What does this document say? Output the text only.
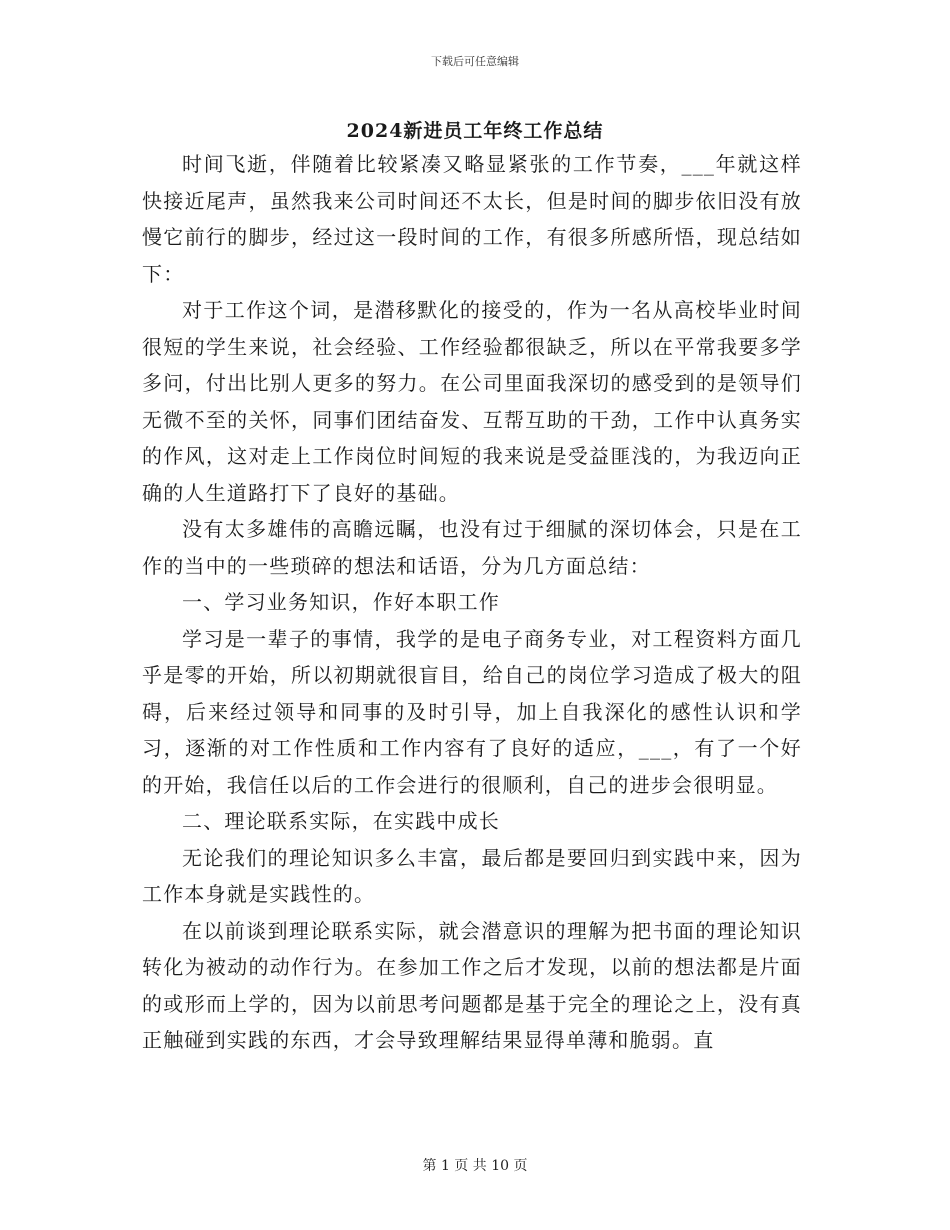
下载后可任意编辑
2024新进员工年终工作总结

时间飞逝，伴随着比较紧凑又略显紧张的工作节奏，___年就这样快接近尾声，虽然我来公司时间还不太长，但是时间的脚步依旧没有放慢它前行的脚步，经过这一段时间的工作，有很多所感所悟，现总结如下：

对于工作这个词，是潜移默化的接受的，作为一名从高校毕业时间很短的学生来说，社会经验、工作经验都很缺乏，所以在平常我要多学多问，付出比别人更多的努力。在公司里面我深切的感受到的是领导们无微不至的关怀，同事们团结奋发、互帮互助的干劲，工作中认真务实的作风，这对走上工作岗位时间短的我来说是受益匪浅的，为我迈向正确的人生道路打下了良好的基础。

没有太多雄伟的高瞻远瞩，也没有过于细腻的深切体会，只是在工作的当中的一些琐碎的想法和话语，分为几方面总结：

一、学习业务知识，作好本职工作

学习是一辈子的事情，我学的是电子商务专业，对工程资料方面几乎是零的开始，所以初期就很盲目，给自己的岗位学习造成了极大的阻碍，后来经过领导和同事的及时引导，加上自我深化的感性认识和学习，逐渐的对工作性质和工作内容有了良好的适应，___，有了一个好的开始，我信任以后的工作会进行的很顺利，自己的进步会很明显。

二、理论联系实际，在实践中成长

无论我们的理论知识多么丰富，最后都是要回归到实践中来，因为工作本身就是实践性的。

在以前谈到理论联系实际，就会潜意识的理解为把书面的理论知识转化为被动的动作行为。在参加工作之后才发现，以前的想法都是片面的或形而上学的，因为以前思考问题都是基于完全的理论之上，没有真正触碰到实践的东西，才会导致理解结果显得单薄和脆弱。直

第 1 页 共 10 页
